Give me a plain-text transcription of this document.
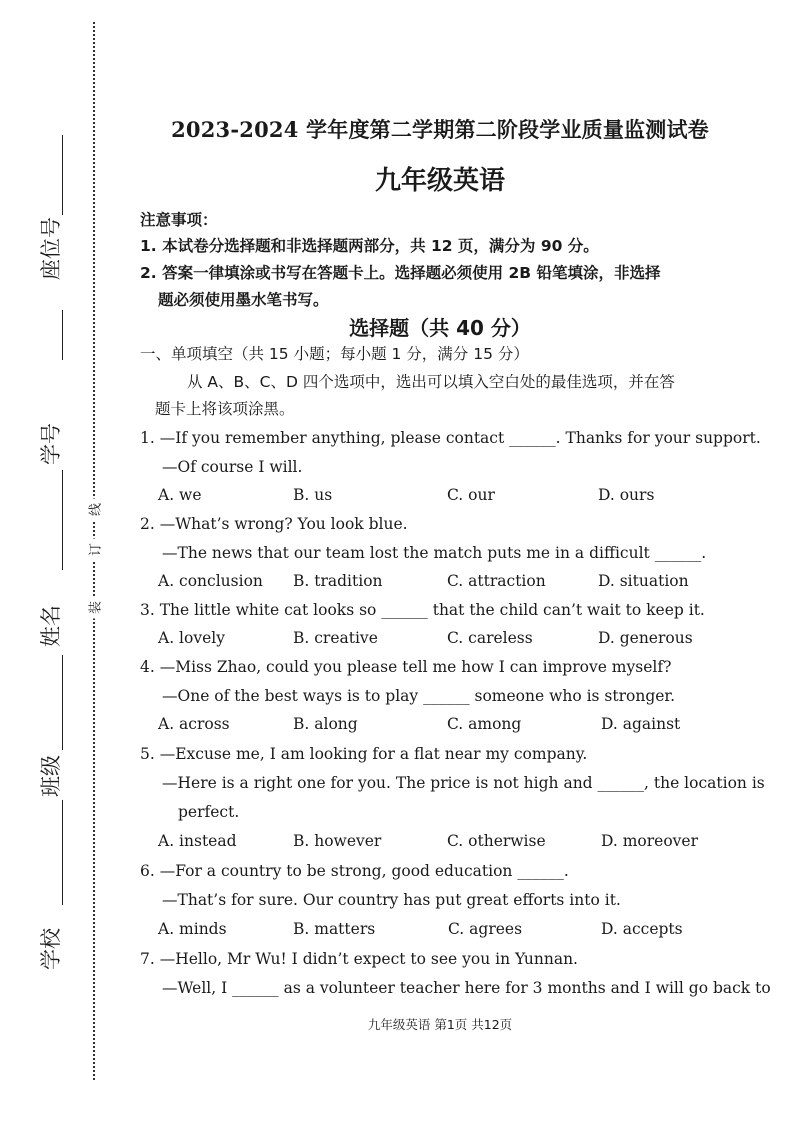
座位号
学号
姓名
班级
学校
线
订
装
2023-2024 学年度第二学期第二阶段学业质量监测试卷
九年级英语
注意事项：
1. 本试卷分选择题和非选择题两部分，共 12 页，满分为 90 分。
2. 答案一律填涂或书写在答题卡上。选择题必须使用 2B 铅笔填涂，非选择
题必须使用墨水笔书写。
选择题（共 40 分）
一、单项填空（共 15 小题；每小题 1 分，满分 15 分）
从 A、B、C、D 四个选项中，选出可以填入空白处的最佳选项，并在答
题卡上将该项涂黑。
1. —If you remember anything, please contact ______. Thanks for your support.
—Of course I will.
A. we	B. us	C. our	D. ours
2. —What’s wrong? You look blue.
—The news that our team lost the match puts me in a difficult ______.
A. conclusion B. tradition	C. attraction	D. situation
3. The little white cat looks so ______ that the child can’t wait to keep it.
A. lovely	B. creative	C. careless	D. generous
4. —Miss Zhao, could you please tell me how I can improve myself?
—One of the best ways is to play ______ someone who is stronger.
A. across	B. along	C. among	D. against
5. —Excuse me, I am looking for a flat near my company.
—Here is a right one for you. The price is not high and ______, the location is
perfect.
A. instead	B. however	C. otherwise	D. moreover
6. —For a country to be strong, good education ______.
—That’s for sure. Our country has put great efforts into it.
A. minds	B. matters	C. agrees	D. accepts
7. —Hello, Mr Wu! I didn’t expect to see you in Yunnan.
—Well, I ______ as a volunteer teacher here for 3 months and I will go back to
九年级英语 第1页 共12页
